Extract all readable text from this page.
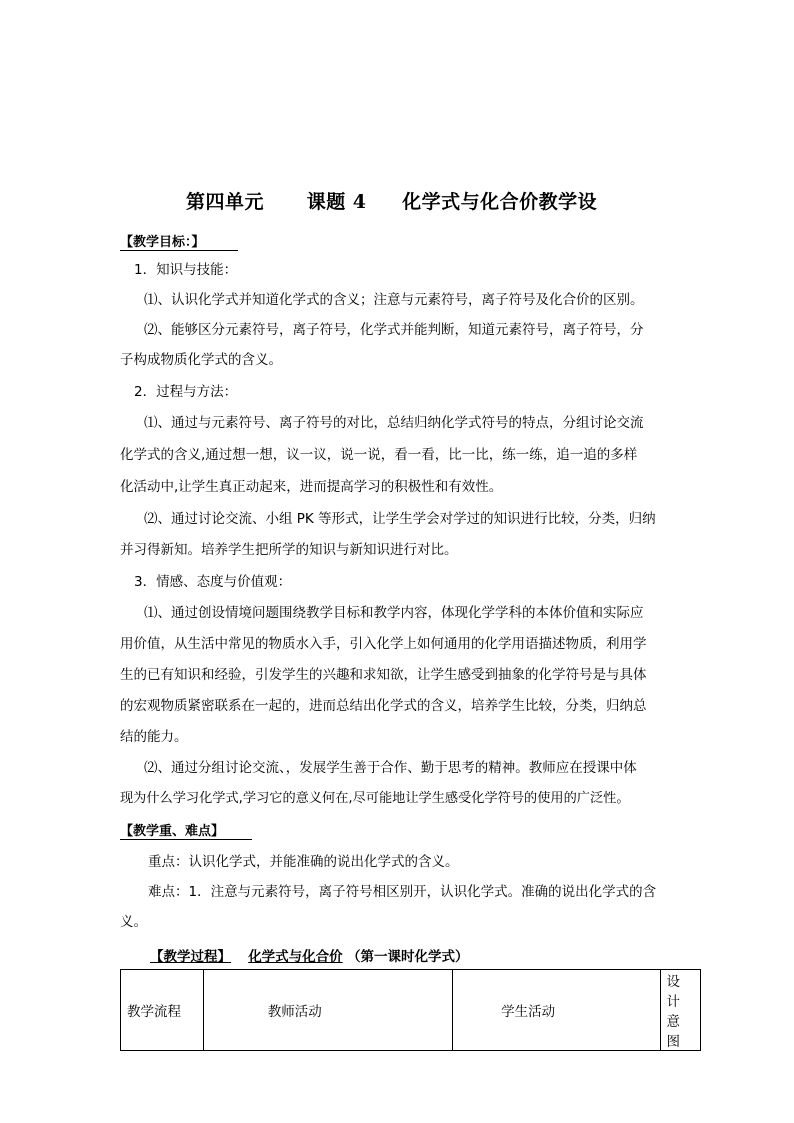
第四单元      课题 4     化学式与化合价教学设
【教学目标：】
1．知识与技能：
⑴、认识化学式并知道化学式的含义；注意与元素符号，离子符号及化合价的区别。
⑵、能够区分元素符号，离子符号，化学式并能判断，知道元素符号，离子符号，分
子构成物质化学式的含义。
2．过程与方法：
⑴、通过与元素符号、离子符号的对比，总结归纳化学式符号的特点，分组讨论交流
化学式的含义,通过想一想，议一议，说一说，看一看，比一比，练一练，追一追的多样
化活动中,让学生真正动起来，进而提高学习的积极性和有效性。
⑵、通过讨论交流、小组 PK 等形式，让学生学会对学过的知识进行比较，分类，归纳
并习得新知。培养学生把所学的知识与新知识进行对比。
3．情感、态度与价值观：
⑴、通过创设情境问题围绕教学目标和教学内容，体现化学学科的本体价值和实际应
用价值，从生活中常见的物质水入手，引入化学上如何通用的化学用语描述物质，利用学
生的已有知识和经验，引发学生的兴趣和求知欲，让学生感受到抽象的化学符号是与具体
的宏观物质紧密联系在一起的，进而总结出化学式的含义，培养学生比较，分类，归纳总
结的能力。
⑵、通过分组讨论交流、，发展学生善于合作、勤于思考的精神。教师应在授课中体
现为什么学习化学式,学习它的意义何在,尽可能地让学生感受化学符号的使用的广泛性。
【教学重、难点】
重点：认识化学式，并能准确的说出化学式的含义。
难点：1．注意与元素符号，离子符号相区别开，认识化学式。准确的说出化学式的含
义。
【教学过程】 化学式与化合价 （第一课时化学式）
教学流程	教师活动	学生活动	设计意图
